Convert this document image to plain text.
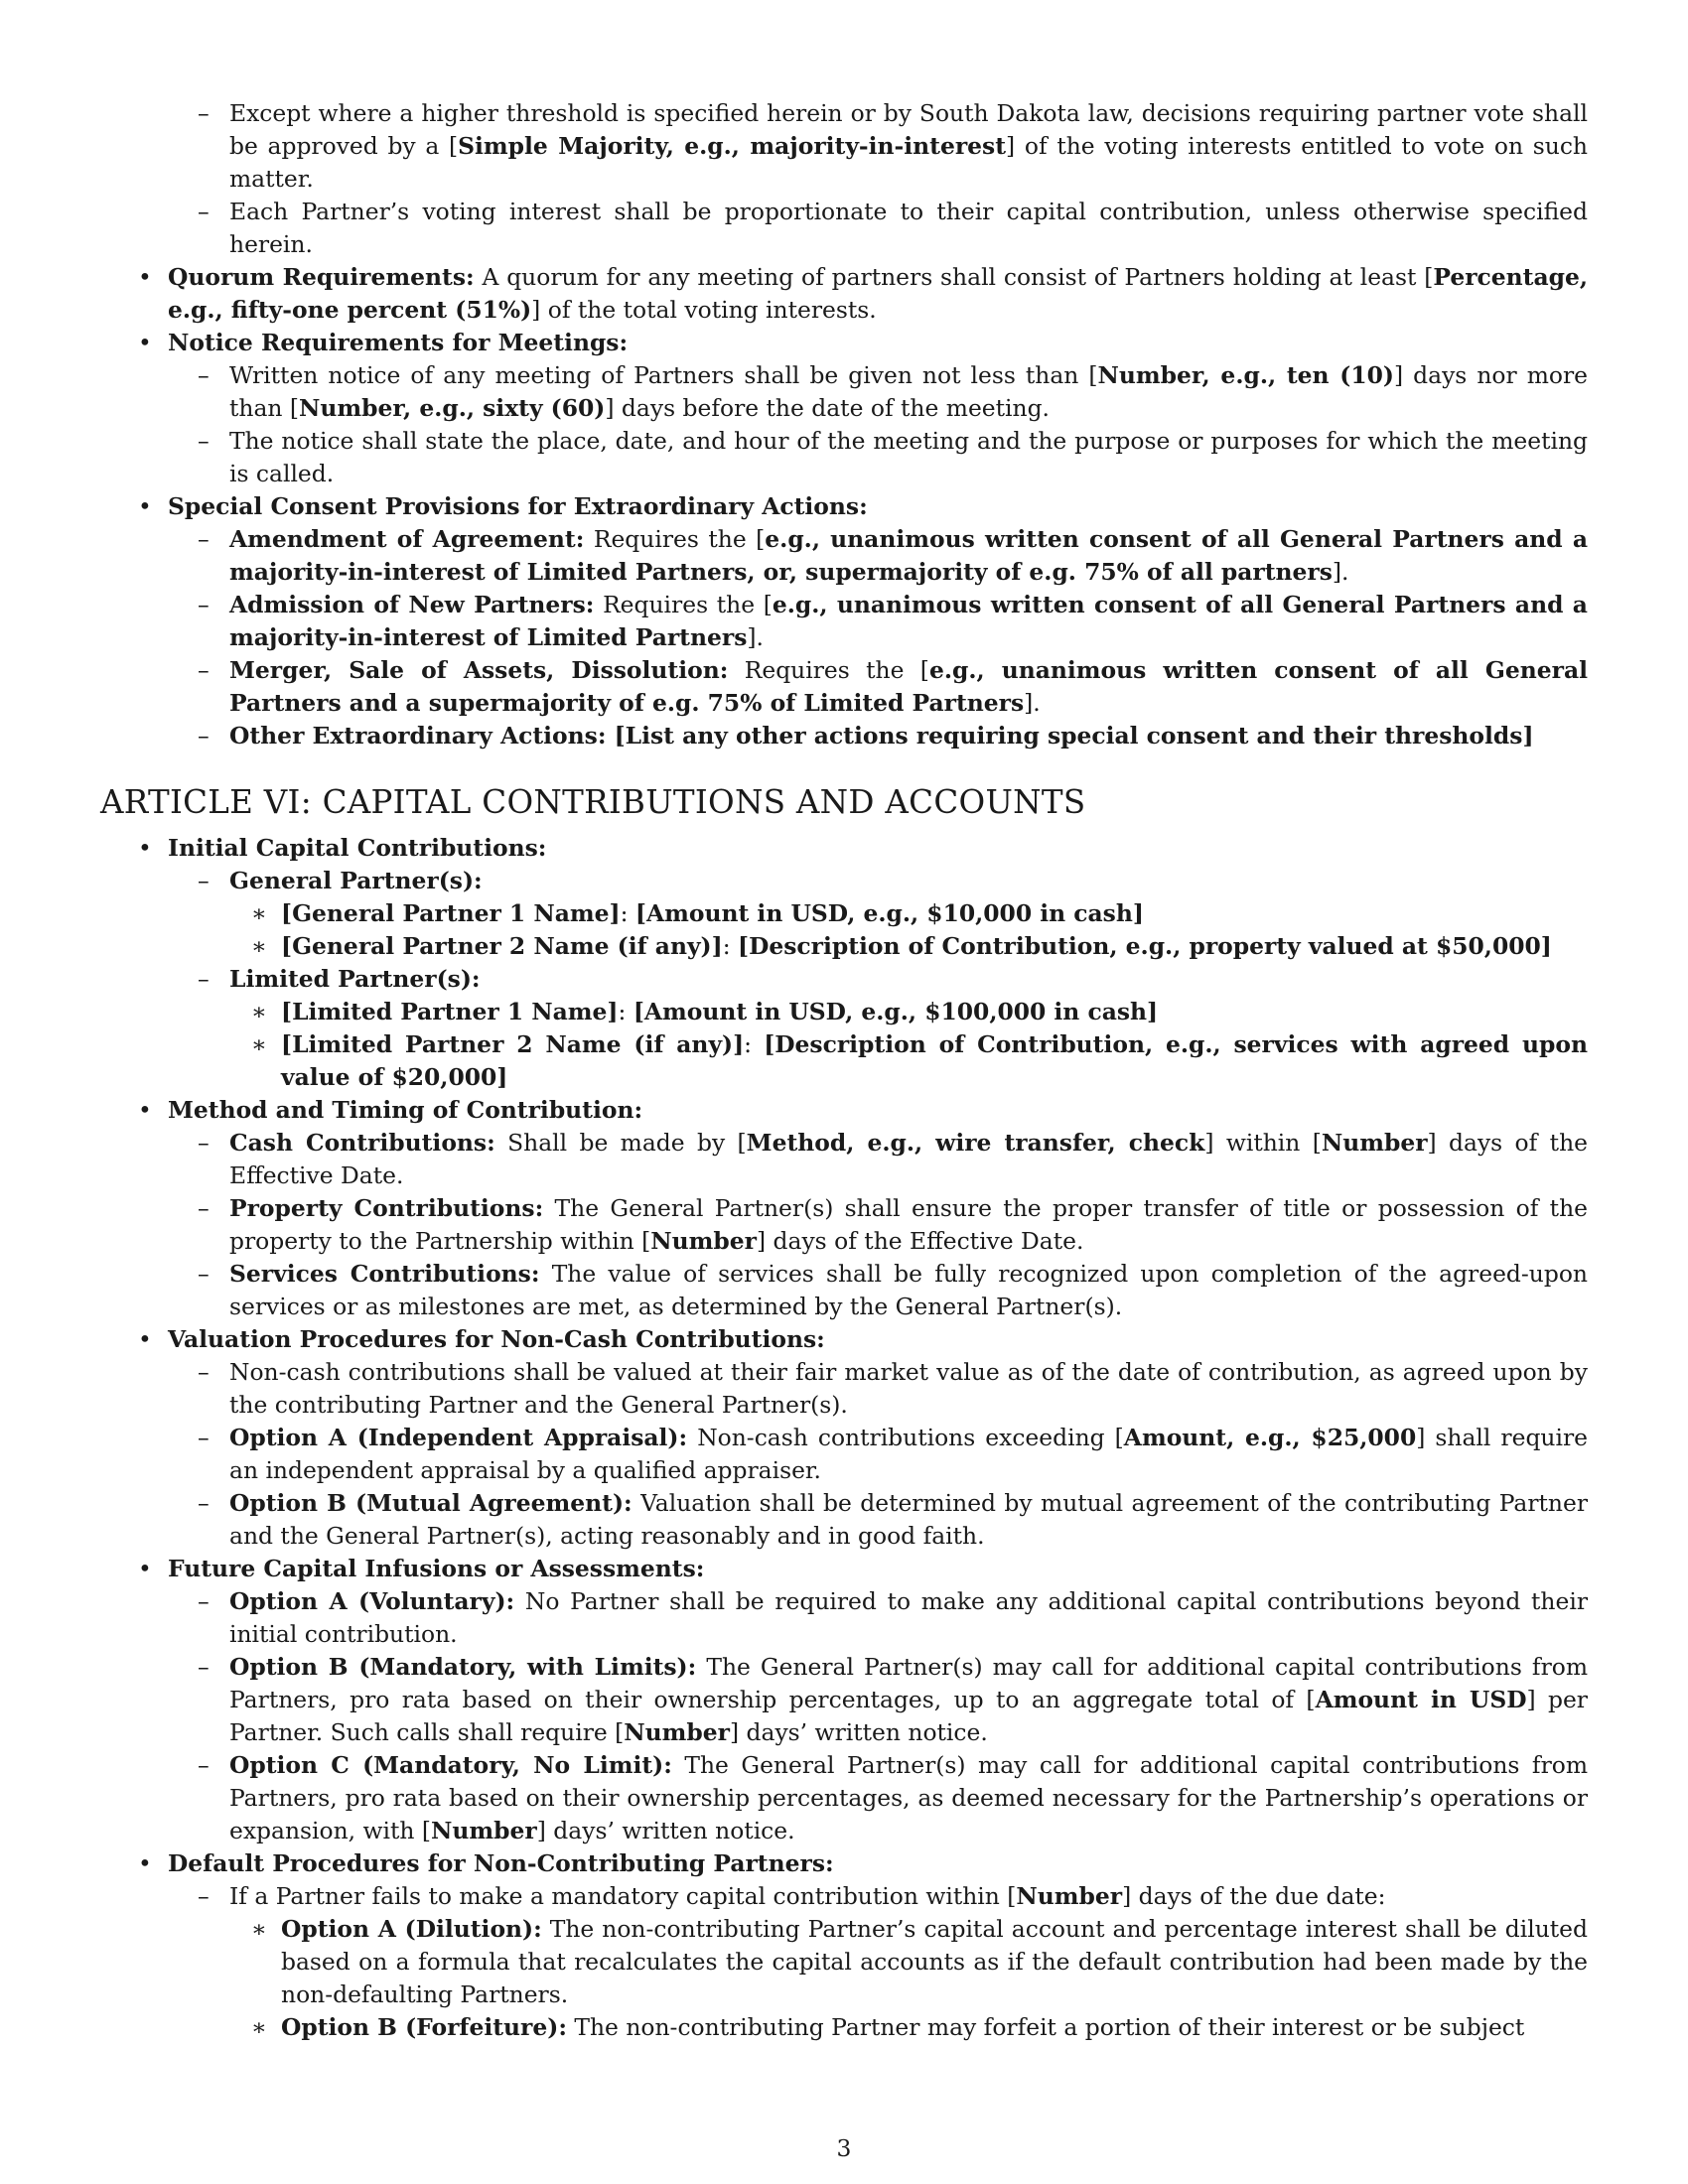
– Except where a higher threshold is specified herein or by South Dakota law, decisions requiring partner vote shall be approved by a [Simple Majority, e.g., majority-in-interest] of the voting interests entitled to vote on such matter.
– Each Partner’s voting interest shall be proportionate to their capital contribution, unless otherwise specified herein.
• Quorum Requirements: A quorum for any meeting of partners shall consist of Partners holding at least [Percentage, e.g., fifty-one percent (51%)] of the total voting interests.
• Notice Requirements for Meetings:
– Written notice of any meeting of Partners shall be given not less than [Number, e.g., ten (10)] days nor more than [Number, e.g., sixty (60)] days before the date of the meeting.
– The notice shall state the place, date, and hour of the meeting and the purpose or purposes for which the meeting is called.
• Special Consent Provisions for Extraordinary Actions:
– Amendment of Agreement: Requires the [e.g., unanimous written consent of all General Partners and a majority-in-interest of Limited Partners, or, supermajority of e.g. 75% of all partners].
– Admission of New Partners: Requires the [e.g., unanimous written consent of all General Partners and a majority-in-interest of Limited Partners].
– Merger, Sale of Assets, Dissolution: Requires the [e.g., unanimous written consent of all General Partners and a supermajority of e.g. 75% of Limited Partners].
– Other Extraordinary Actions: [List any other actions requiring special consent and their thresholds]
ARTICLE VI: CAPITAL CONTRIBUTIONS AND ACCOUNTS
• Initial Capital Contributions:
– General Partner(s):
∗ [General Partner 1 Name]: [Amount in USD, e.g., $10,000 in cash]
∗ [General Partner 2 Name (if any)]: [Description of Contribution, e.g., property valued at $50,000]
– Limited Partner(s):
∗ [Limited Partner 1 Name]: [Amount in USD, e.g., $100,000 in cash]
∗ [Limited Partner 2 Name (if any)]: [Description of Contribution, e.g., services with agreed upon value of $20,000]
• Method and Timing of Contribution:
– Cash Contributions: Shall be made by [Method, e.g., wire transfer, check] within [Number] days of the Effective Date.
– Property Contributions: The General Partner(s) shall ensure the proper transfer of title or possession of the property to the Partnership within [Number] days of the Effective Date.
– Services Contributions: The value of services shall be fully recognized upon completion of the agreed-upon services or as milestones are met, as determined by the General Partner(s).
• Valuation Procedures for Non-Cash Contributions:
– Non-cash contributions shall be valued at their fair market value as of the date of contribution, as agreed upon by the contributing Partner and the General Partner(s).
– Option A (Independent Appraisal): Non-cash contributions exceeding [Amount, e.g., $25,000] shall require an independent appraisal by a qualified appraiser.
– Option B (Mutual Agreement): Valuation shall be determined by mutual agreement of the contributing Partner and the General Partner(s), acting reasonably and in good faith.
• Future Capital Infusions or Assessments:
– Option A (Voluntary): No Partner shall be required to make any additional capital contributions beyond their initial contribution.
– Option B (Mandatory, with Limits): The General Partner(s) may call for additional capital contributions from Partners, pro rata based on their ownership percentages, up to an aggregate total of [Amount in USD] per Partner. Such calls shall require [Number] days’ written notice.
– Option C (Mandatory, No Limit): The General Partner(s) may call for additional capital contributions from Partners, pro rata based on their ownership percentages, as deemed necessary for the Partnership’s operations or expansion, with [Number] days’ written notice.
• Default Procedures for Non-Contributing Partners:
– If a Partner fails to make a mandatory capital contribution within [Number] days of the due date:
∗ Option A (Dilution): The non-contributing Partner’s capital account and percentage interest shall be diluted based on a formula that recalculates the capital accounts as if the default contribution had been made by the non-defaulting Partners.
∗ Option B (Forfeiture): The non-contributing Partner may forfeit a portion of their interest or be subject
3
